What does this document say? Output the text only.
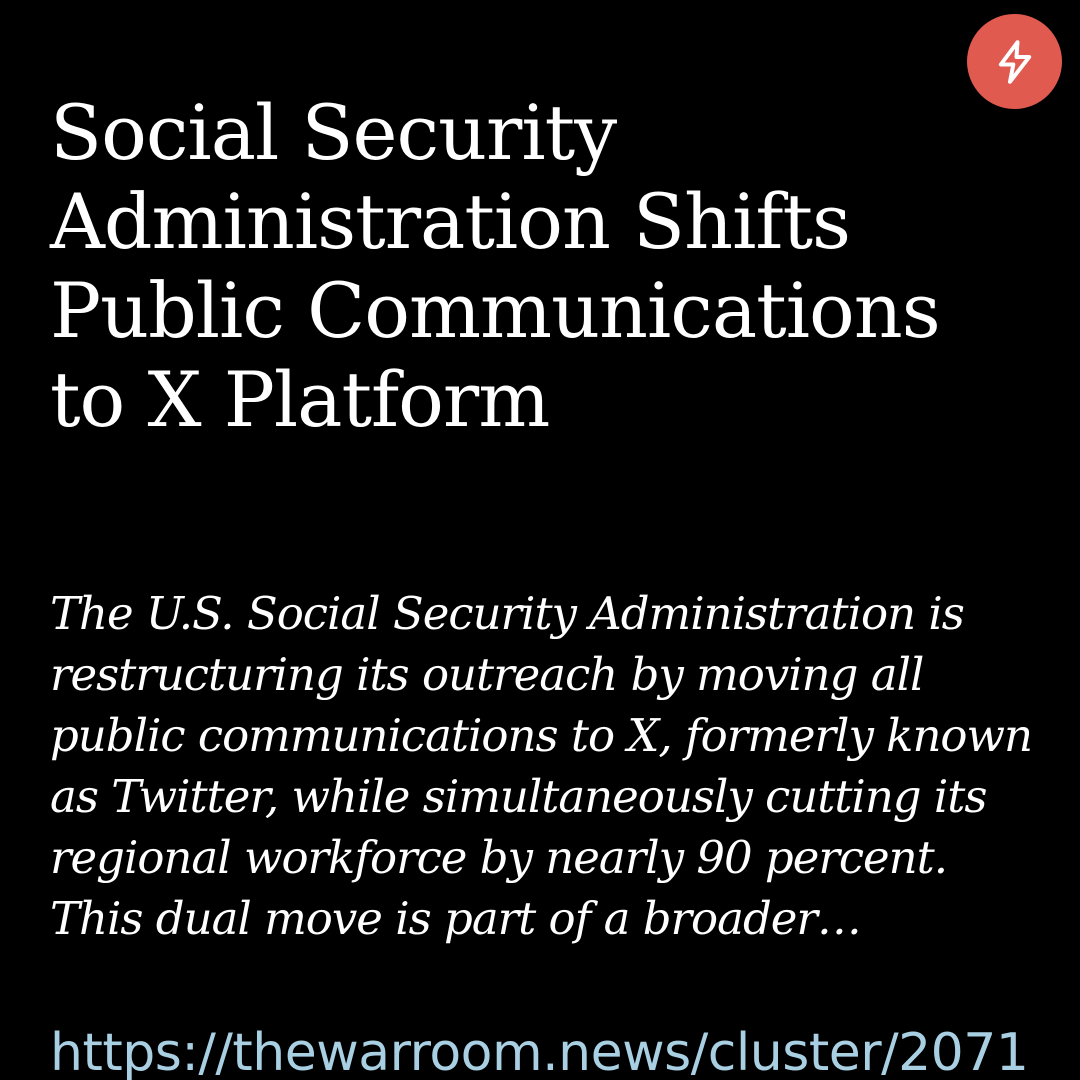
Social Security Administration Shifts Public Communications to X Platform

The U.S. Social Security Administration is restructuring its outreach by moving all public communications to X, formerly known as Twitter, while simultaneously cutting its regional workforce by nearly 90 percent. This dual move is part of a broader…

https://thewarroom.news/cluster/2071
